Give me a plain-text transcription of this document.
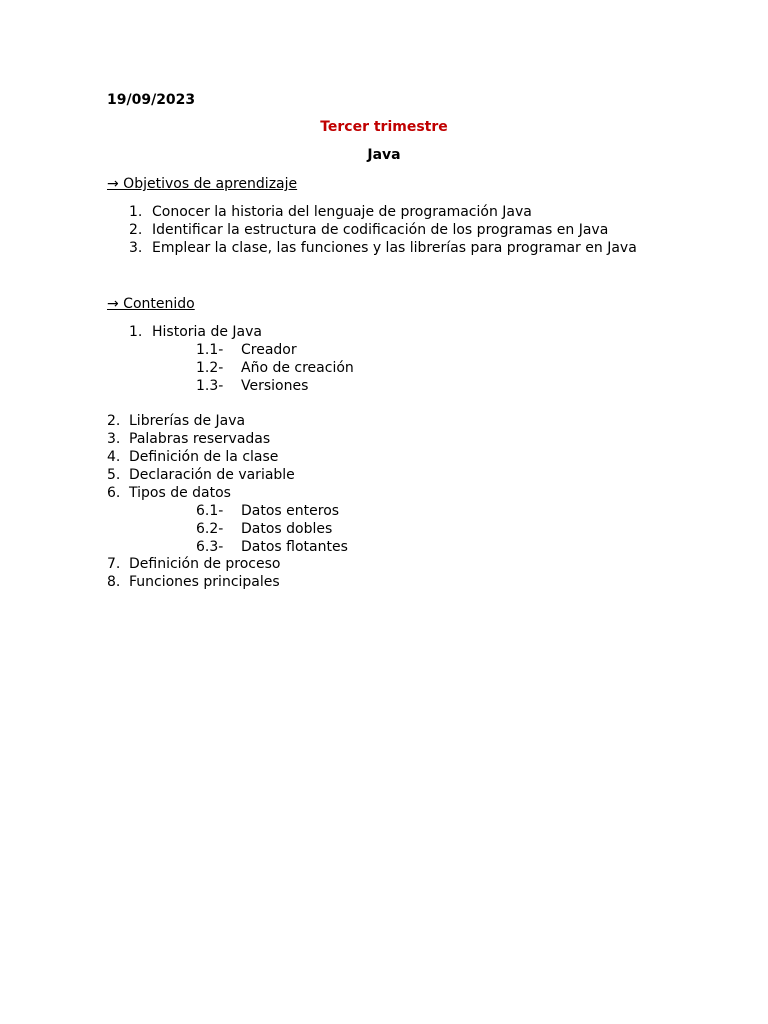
19/09/2023
Tercer trimestre
Java
→ Objetivos de aprendizaje
1. Conocer la historia del lenguaje de programación Java
2. Identificar la estructura de codificación de los programas en Java
3. Emplear la clase, las funciones y las librerías para programar en Java
→ Contenido
1. Historia de Java
1.1- Creador
1.2- Año de creación
1.3- Versiones
2. Librerías de Java
3. Palabras reservadas
4. Definición de la clase
5. Declaración de variable
6. Tipos de datos
6.1- Datos enteros
6.2- Datos dobles
6.3- Datos flotantes
7. Definición de proceso
8. Funciones principales
